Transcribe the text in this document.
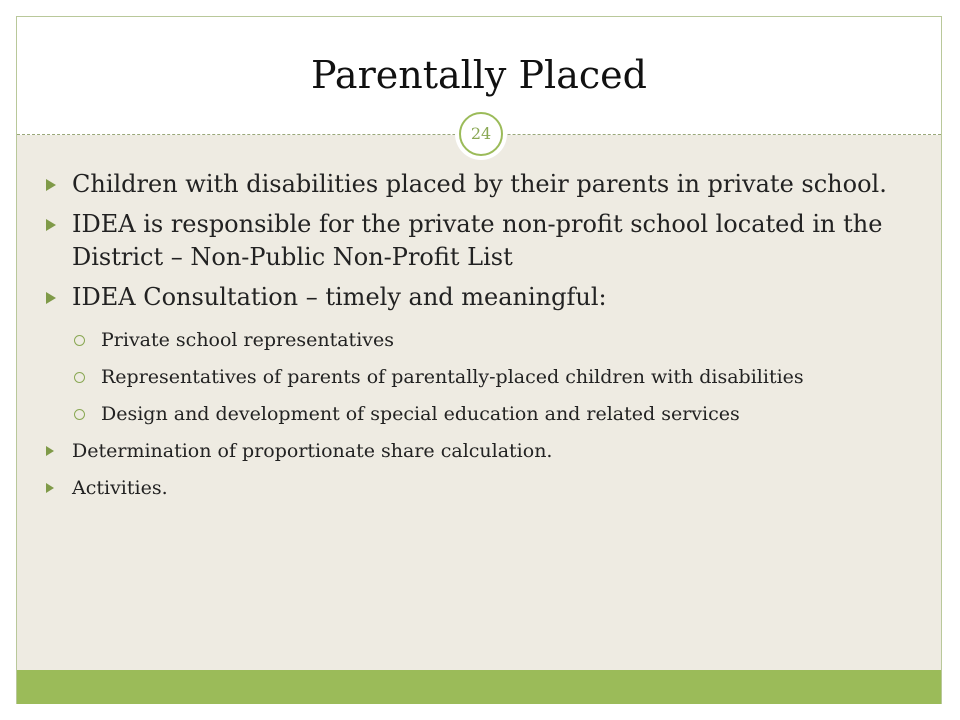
Parentally Placed
24
Children with disabilities placed by their parents in private school.
IDEA is responsible for the private non-profit school located in the District – Non-Public Non-Profit List
IDEA Consultation – timely and meaningful:
Private school representatives
Representatives of parents of parentally-placed children with disabilities
Design and development of special education and related services
Determination of proportionate share calculation.
Activities.
